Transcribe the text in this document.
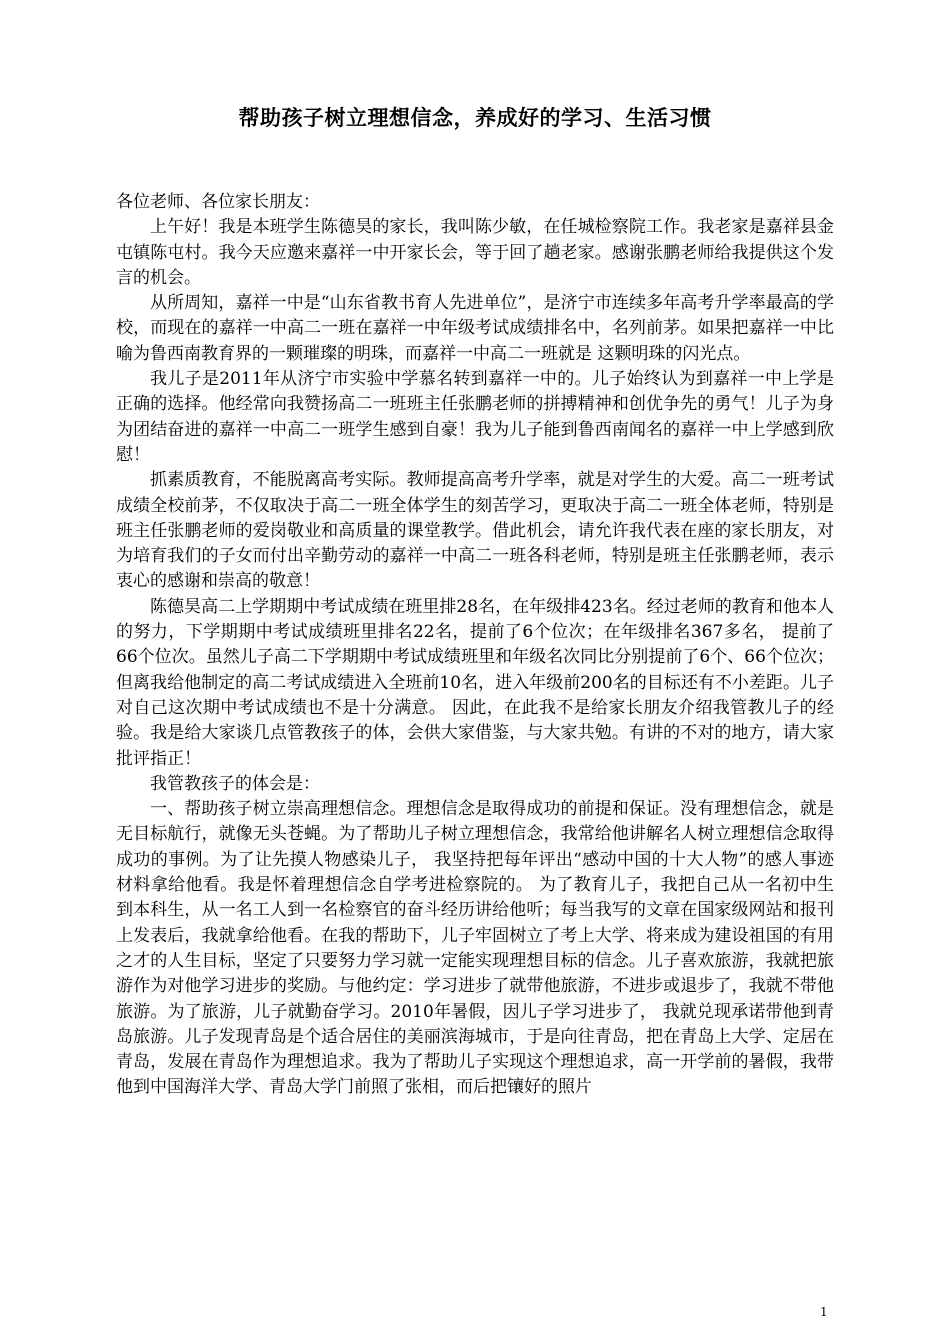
帮助孩子树立理想信念，养成好的学习、生活习惯

各位老师、各位家长朋友：

上午好！我是本班学生陈德昊的家长，我叫陈少敏，在任城检察院工作。我老家是嘉祥县金屯镇陈屯村。我今天应邀来嘉祥一中开家长会，等于回了趟老家。感谢张鹏老师给我提供这个发言的机会。

从所周知，嘉祥一中是“山东省教书育人先进单位”，是济宁市连续多年高考升学率最高的学校，而现在的嘉祥一中高二一班在嘉祥一中年级考试成绩排名中，名列前茅。如果把嘉祥一中比喻为鲁西南教育界的一颗璀璨的明珠，而嘉祥一中高二一班就是 这颗明珠的闪光点。

我儿子是2011年从济宁市实验中学慕名转到嘉祥一中的。儿子始终认为到嘉祥一中上学是正确的选择。他经常向我赞扬高二一班班主任张鹏老师的拼搏精神和创优争先的勇气！儿子为身为团结奋进的嘉祥一中高二一班学生感到自豪！我为儿子能到鲁西南闻名的嘉祥一中上学感到欣慰！

抓素质教育，不能脱离高考实际。教师提高高考升学率，就是对学生的大爱。高二一班考试成绩全校前茅，不仅取决于高二一班全体学生的刻苦学习，更取决于高二一班全体老师，特别是班主任张鹏老师的爱岗敬业和高质量的课堂教学。借此机会，请允许我代表在座的家长朋友，对为培育我们的子女而付出辛勤劳动的嘉祥一中高二一班各科老师，特别是班主任张鹏老师，表示衷心的感谢和崇高的敬意！

陈德昊高二上学期期中考试成绩在班里排28名，在年级排423名。经过老师的教育和他本人的努力，下学期期中考试成绩班里排名22名，提前了6个位次；在年级排名367多名， 提前了66个位次。虽然儿子高二下学期期中考试成绩班里和年级名次同比分别提前了6个、66个位次；但离我给他制定的高二考试成绩进入全班前10名，进入年级前200名的目标还有不小差距。儿子对自己这次期中考试成绩也不是十分满意。 因此，在此我不是给家长朋友介绍我管教儿子的经验。我是给大家谈几点管教孩子的体，会供大家借鉴，与大家共勉。有讲的不对的地方，请大家批评指正！

我管教孩子的体会是：

一、帮助孩子树立崇高理想信念。理想信念是取得成功的前提和保证。没有理想信念，就是无目标航行，就像无头苍蝇。为了帮助儿子树立理想信念，我常给他讲解名人树立理想信念取得成功的事例。为了让先摸人物感染儿子， 我坚持把每年评出“感动中国的十大人物”的感人事迹材料拿给他看。我是怀着理想信念自学考进检察院的。 为了教育儿子，我把自己从一名初中生到本科生，从一名工人到一名检察官的奋斗经历讲给他听；每当我写的文章在国家级网站和报刊上发表后，我就拿给他看。在我的帮助下，儿子牢固树立了考上大学、将来成为建设祖国的有用之才的人生目标，坚定了只要努力学习就一定能实现理想目标的信念。儿子喜欢旅游，我就把旅游作为对他学习进步的奖励。与他约定：学习进步了就带他旅游，不进步或退步了，我就不带他旅游。为了旅游，儿子就勤奋学习。2010年暑假，因儿子学习进步了， 我就兑现承诺带他到青岛旅游。儿子发现青岛是个适合居住的美丽滨海城市，于是向往青岛，把在青岛上大学、定居在青岛，发展在青岛作为理想追求。我为了帮助儿子实现这个理想追求，高一开学前的暑假，我带他到中国海洋大学、青岛大学门前照了张相，而后把镶好的照片

1
